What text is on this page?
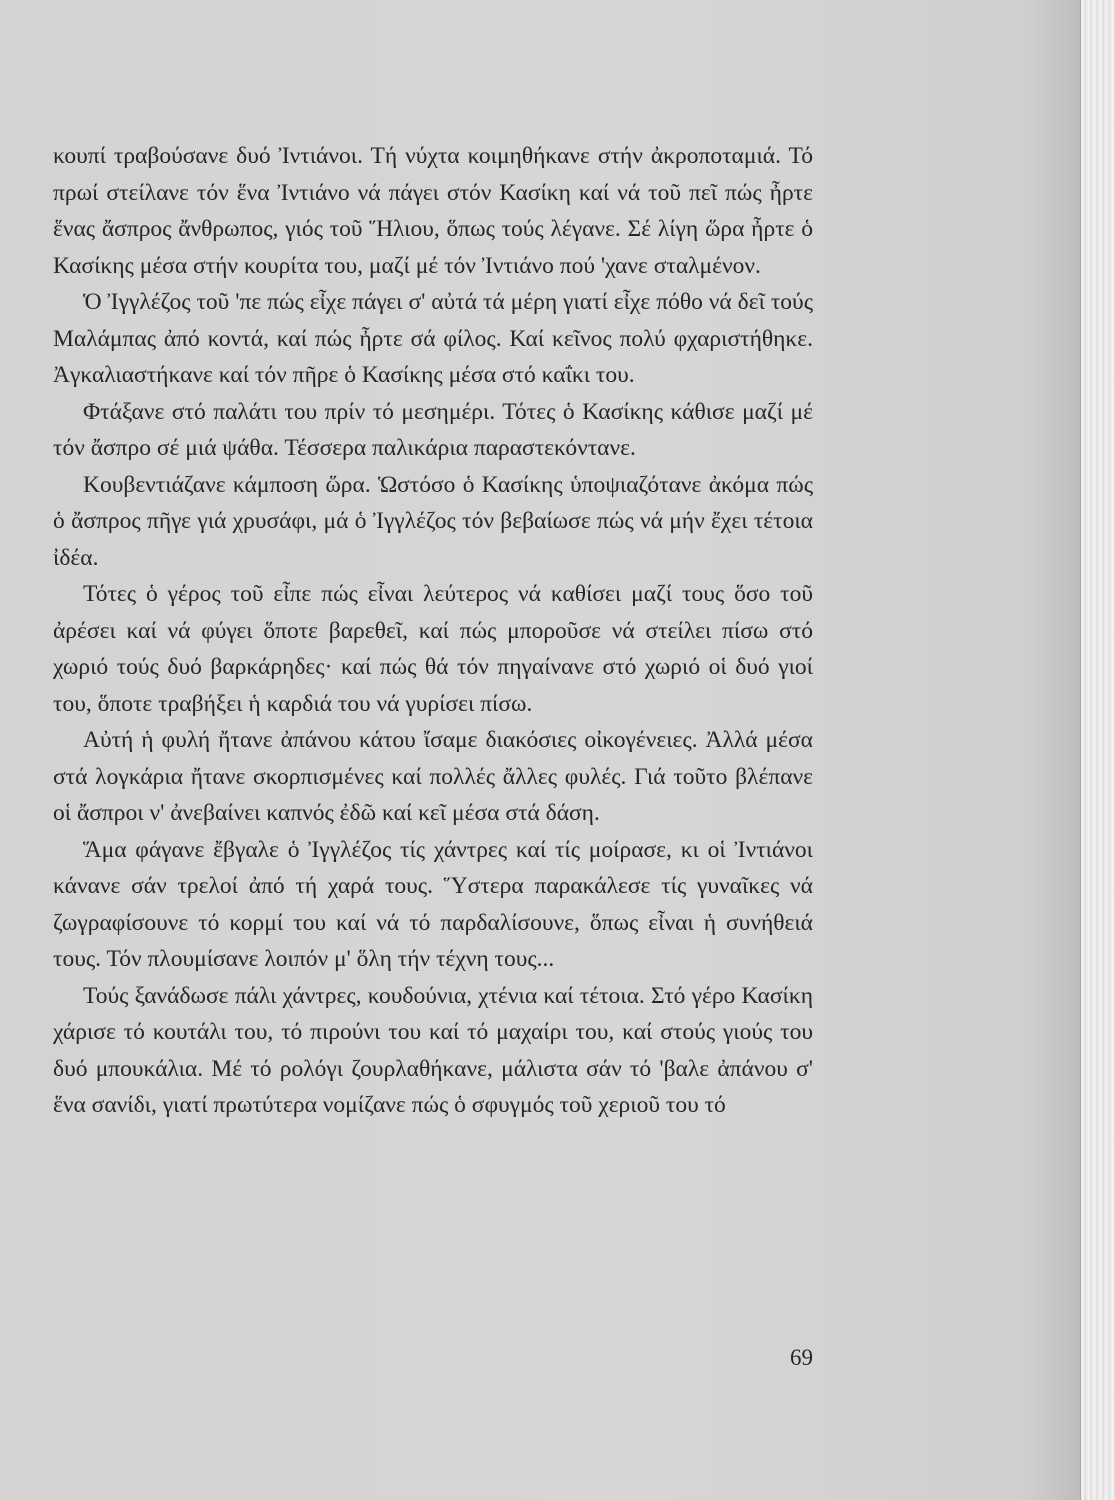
κουπί τραβούσανε δυό Ἰντιάνοι. Τή νύχτα κοιμηθήκανε στήν ἀκροποταμιά. Τό πρωί στείλανε τόν ἕνα Ἰντιάνο νά πάγει στόν Κασίκη καί νά τοῦ πεῖ πώς ἦρτε ἕνας ἄσπρος ἄνθρωπος, γιός τοῦ Ἥλιου, ὅπως τούς λέγανε. Σέ λίγη ὥρα ἦρτε ὁ Κασίκης μέσα στήν κουρίτα του, μαζί μέ τόν Ἰντιάνο πού 'χανε σταλμένον.

Ὁ Ἰγγλέζος τοῦ 'πε πώς εἶχε πάγει σ' αὐτά τά μέρη γιατί εἶχε πόθο νά δεῖ τούς Μαλάμπας ἀπό κοντά, καί πώς ἦρτε σά φίλος. Καί κεῖνος πολύ φχαριστήθηκε. Ἀγκαλιαστήκανε καί τόν πῆρε ὁ Κασίκης μέσα στό καΐκι του.

Φτάξανε στό παλάτι του πρίν τό μεσημέρι. Τότες ὁ Κασίκης κάθισε μαζί μέ τόν ἄσπρο σέ μιά ψάθα. Τέσσερα παλικάρια παραστεκόντανε.

Κουβεντιάζανε κάμποση ὥρα. Ὡστόσο ὁ Κασίκης ὑποψιαζότανε ἀκόμα πώς ὁ ἄσπρος πῆγε γιά χρυσάφι, μά ὁ Ἰγγλέζος τόν βεβαίωσε πώς νά μήν ἔχει τέτοια ἰδέα.

Τότες ὁ γέρος τοῦ εἶπε πώς εἶναι λεύτερος νά καθίσει μαζί τους ὅσο τοῦ ἀρέσει καί νά φύγει ὅποτε βαρεθεῖ, καί πώς μποροῦσε νά στείλει πίσω στό χωριό τούς δυό βαρκάρηδες· καί πώς θά τόν πηγαίνανε στό χωριό οἱ δυό γιοί του, ὅποτε τραβήξει ἡ καρδιά του νά γυρίσει πίσω.

Αὐτή ἡ φυλή ἤτανε ἀπάνου κάτου ἴσαμε διακόσιες οἰκογένειες. Ἀλλά μέσα στά λογκάρια ἤτανε σκορπισμένες καί πολλές ἄλλες φυλές. Γιά τοῦτο βλέπανε οἱ ἄσπροι ν' ἀνεβαίνει καπνός ἐδῶ καί κεῖ μέσα στά δάση.

Ἅμα φάγανε ἔβγαλε ὁ Ἰγγλέζος τίς χάντρες καί τίς μοίρασε, κι οἱ Ἰντιάνοι κάνανε σάν τρελοί ἀπό τή χαρά τους. Ὕστερα παρακάλεσε τίς γυναῖκες νά ζωγραφίσουνε τό κορμί του καί νά τό παρδαλίσουνε, ὅπως εἶναι ἡ συνήθειά τους. Τόν πλουμίσανε λοιπόν μ' ὅλη τήν τέχνη τους...

Τούς ξανάδωσε πάλι χάντρες, κουδούνια, χτένια καί τέτοια. Στό γέρο Κασίκη χάρισε τό κουτάλι του, τό πιρούνι του καί τό μαχαίρι του, καί στούς γιούς του δυό μπουκάλια. Μέ τό ρολόγι ζουρλαθήκανε, μάλιστα σάν τό 'βαλε ἀπάνου σ' ἕνα σανίδι, γιατί πρωτύτερα νομίζανε πώς ὁ σφυγμός τοῦ χεριοῦ του τό

69
